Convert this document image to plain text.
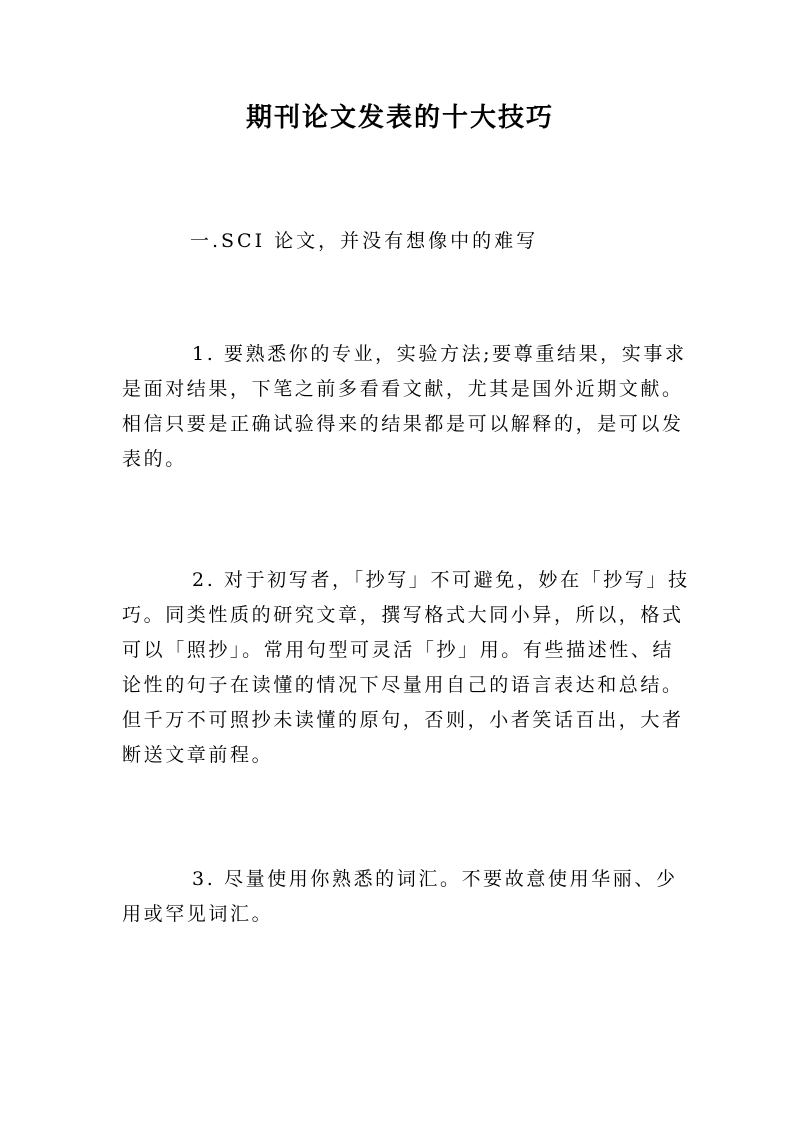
期刊论文发表的十大技巧
一.SCI 论文，并没有想像中的难写
1. 要熟悉你的专业，实验方法;要尊重结果，实事求
是面对结果，下笔之前多看看文献，尤其是国外近期文献。
相信只要是正确试验得来的结果都是可以解释的，是可以发
表的。
2. 对于初写者，「抄写」不可避免，妙在「抄写」技
巧。同类性质的研究文章，撰写格式大同小异，所以，格式
可以「照抄」。常用句型可灵活「抄」用。有些描述性、结
论性的句子在读懂的情况下尽量用自己的语言表达和总结。
但千万不可照抄未读懂的原句，否则，小者笑话百出，大者
断送文章前程。
3. 尽量使用你熟悉的词汇。不要故意使用华丽、少
用或罕见词汇。
